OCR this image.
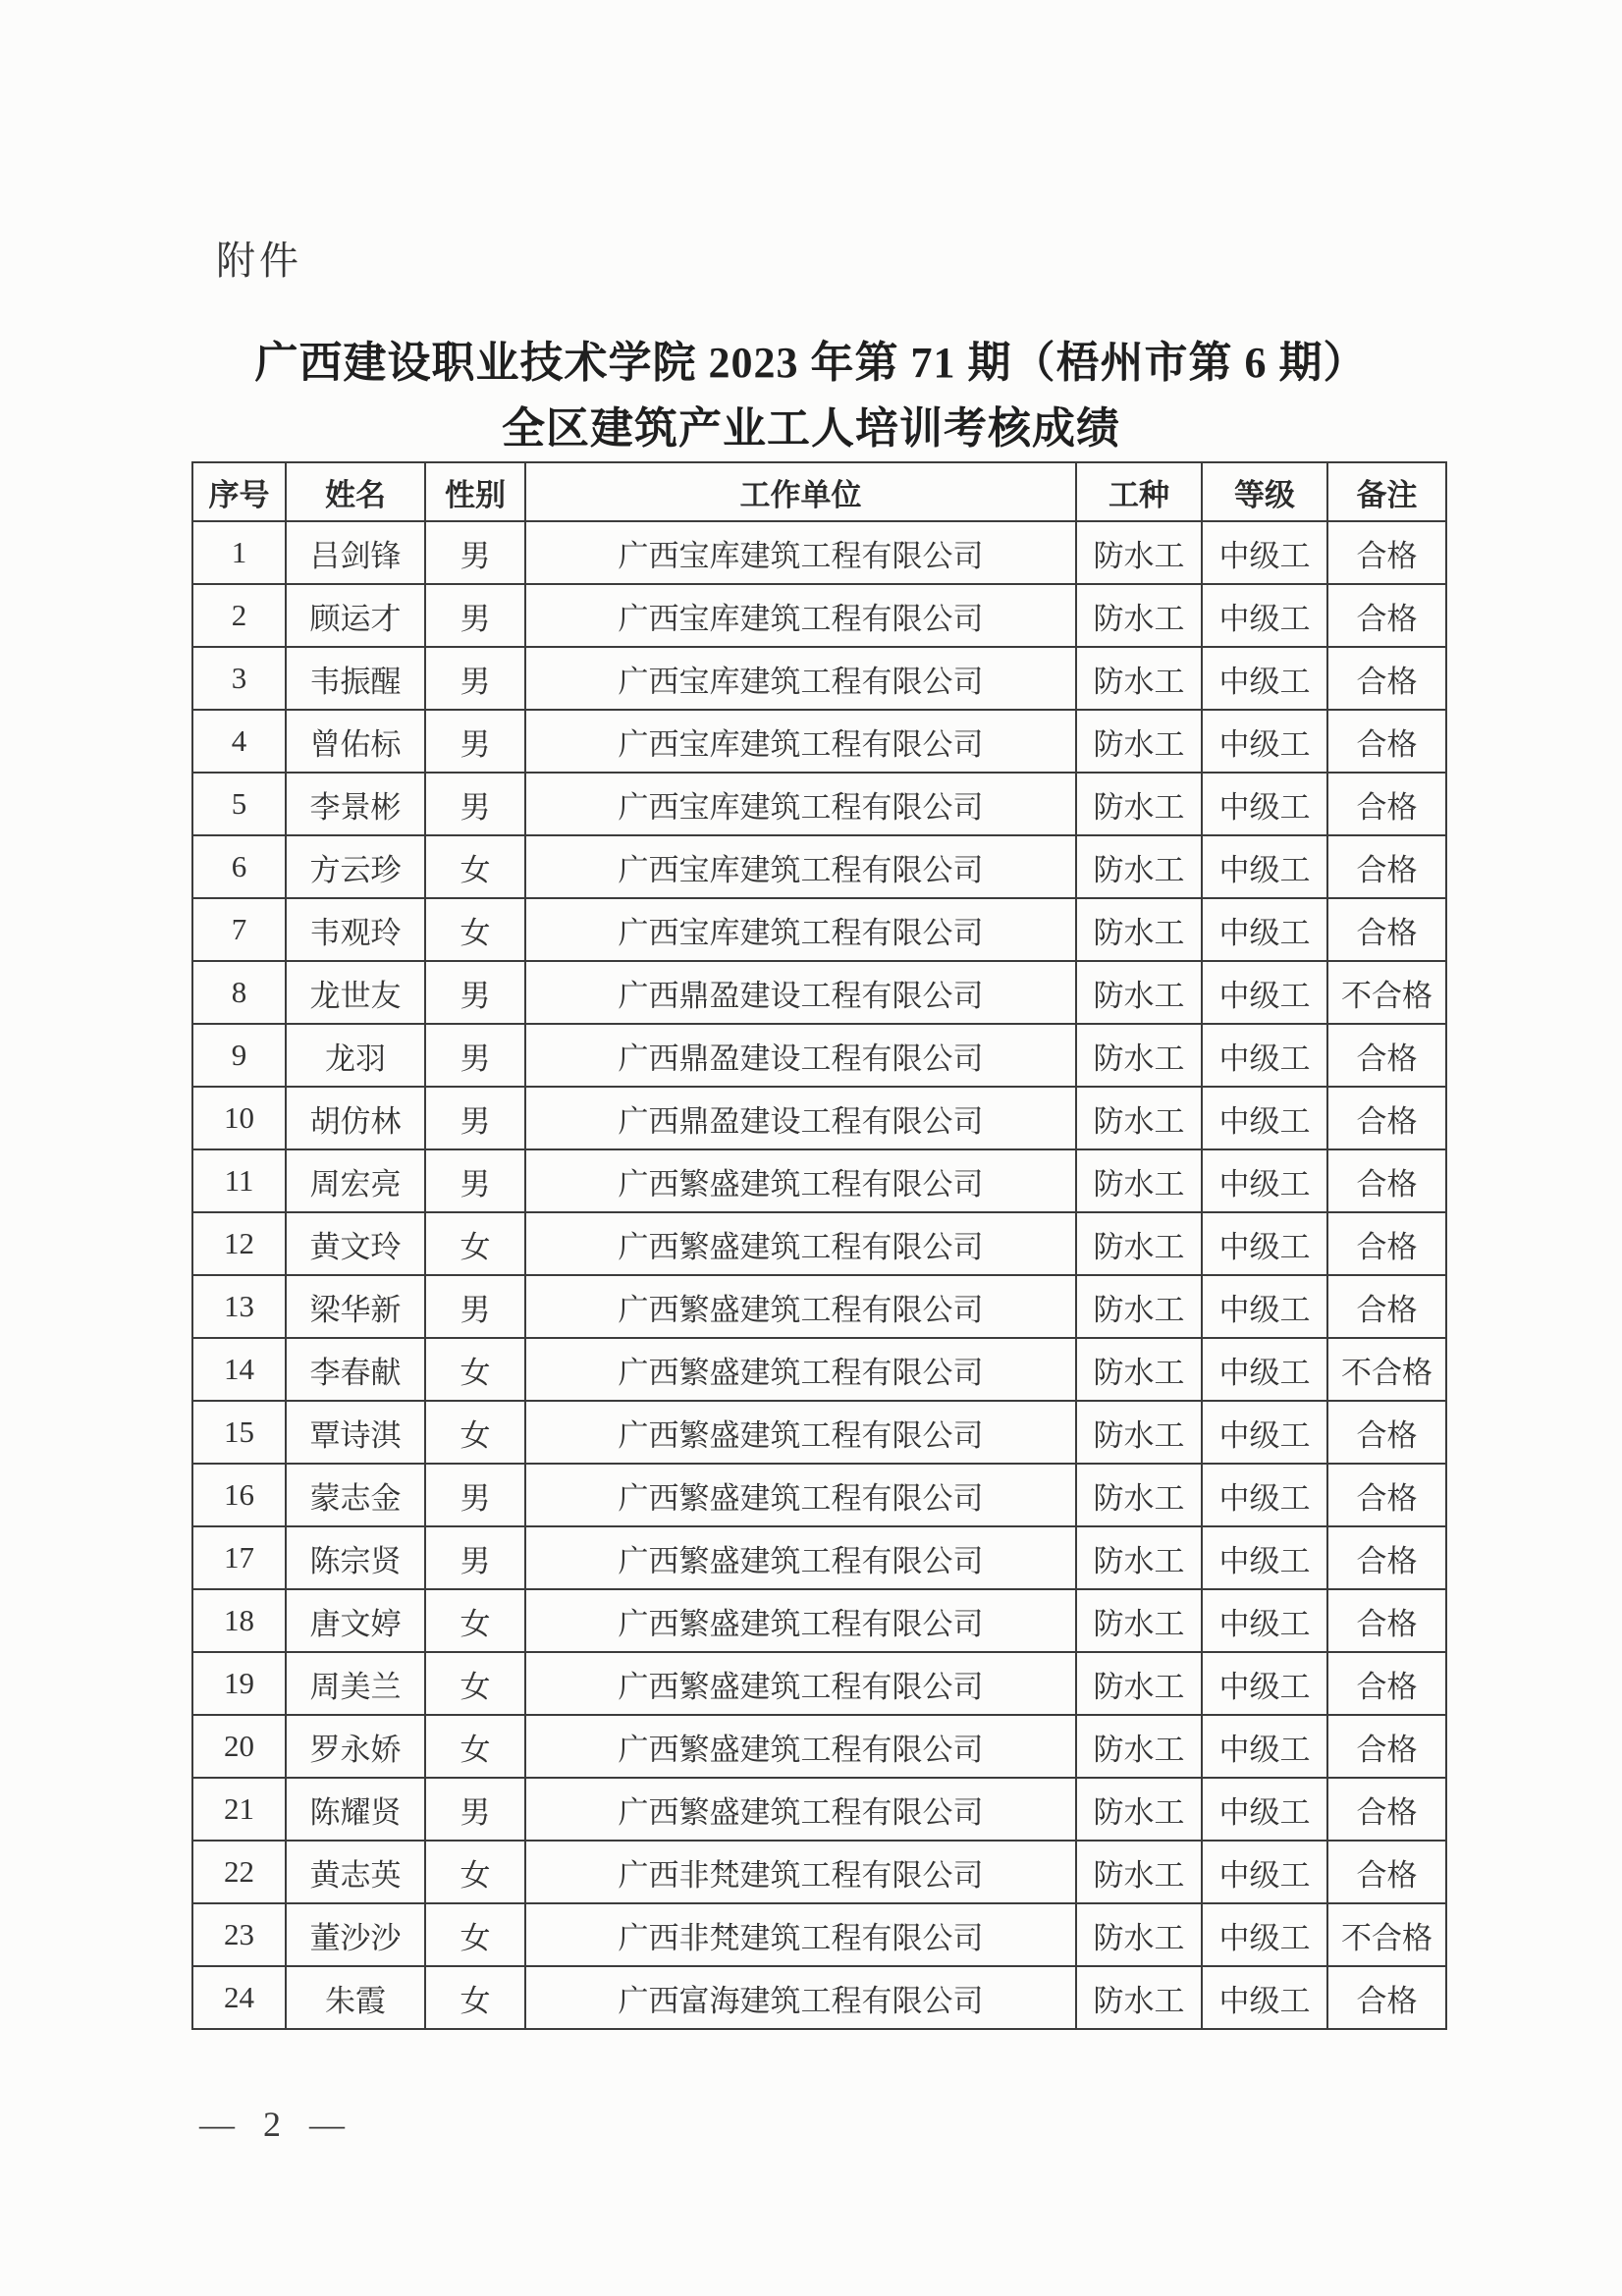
附件
广西建设职业技术学院 2023 年第 71 期（梧州市第 6 期）
全区建筑产业工人培训考核成绩
序号	姓名	性别	工作单位	工种	等级	备注
1	吕剑锋	男	广西宝库建筑工程有限公司	防水工	中级工	合格
2	顾运才	男	广西宝库建筑工程有限公司	防水工	中级工	合格
3	韦振醒	男	广西宝库建筑工程有限公司	防水工	中级工	合格
4	曾佑标	男	广西宝库建筑工程有限公司	防水工	中级工	合格
5	李景彬	男	广西宝库建筑工程有限公司	防水工	中级工	合格
6	方云珍	女	广西宝库建筑工程有限公司	防水工	中级工	合格
7	韦观玲	女	广西宝库建筑工程有限公司	防水工	中级工	合格
8	龙世友	男	广西鼎盈建设工程有限公司	防水工	中级工	不合格
9	龙羽	男	广西鼎盈建设工程有限公司	防水工	中级工	合格
10	胡仿林	男	广西鼎盈建设工程有限公司	防水工	中级工	合格
11	周宏亮	男	广西繁盛建筑工程有限公司	防水工	中级工	合格
12	黄文玲	女	广西繁盛建筑工程有限公司	防水工	中级工	合格
13	梁华新	男	广西繁盛建筑工程有限公司	防水工	中级工	合格
14	李春献	女	广西繁盛建筑工程有限公司	防水工	中级工	不合格
15	覃诗淇	女	广西繁盛建筑工程有限公司	防水工	中级工	合格
16	蒙志金	男	广西繁盛建筑工程有限公司	防水工	中级工	合格
17	陈宗贤	男	广西繁盛建筑工程有限公司	防水工	中级工	合格
18	唐文婷	女	广西繁盛建筑工程有限公司	防水工	中级工	合格
19	周美兰	女	广西繁盛建筑工程有限公司	防水工	中级工	合格
20	罗永娇	女	广西繁盛建筑工程有限公司	防水工	中级工	合格
21	陈耀贤	男	广西繁盛建筑工程有限公司	防水工	中级工	合格
22	黄志英	女	广西非梵建筑工程有限公司	防水工	中级工	合格
23	董沙沙	女	广西非梵建筑工程有限公司	防水工	中级工	不合格
24	朱霞	女	广西富海建筑工程有限公司	防水工	中级工	合格
— 2 —
